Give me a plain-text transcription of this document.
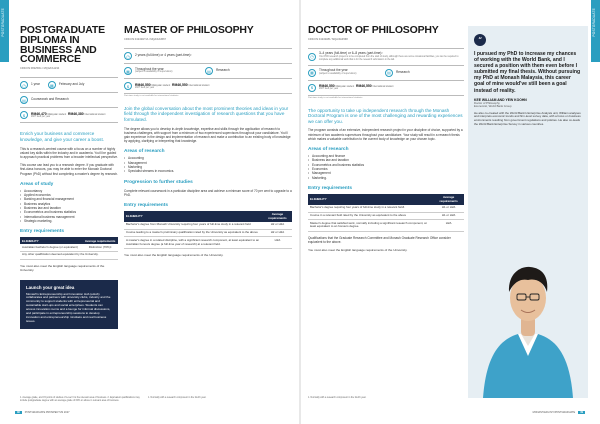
POSTGRADUATE	POSTGRADUATE
POSTGRADUATE DIPLOMA IN BUSINESS AND COMMERCE
CRICOS 082250G / MQA/FA1234
◷	1 year	▦	February and July
▤	Coursework and Research
$	RM46,470 Malaysian student RM46,380 International student
2027 fees per year
Enrich your business and commerce knowledge, and give your career a boost.
This is a research-centred course with a focus on a number of highly valued key skills within the industry and in academia. You'll be guided to approach practical problems from a broader intellectual perspective.
This course can lead you to a research degree. If you graduate with first-class honours, you may be able to enter the Monash Doctoral Program (PhD) without first completing a master's degree by research.
Areas of study
• Accountancy
• Applied economics
• Banking and financial management
• Business analytics
• Business law and taxation
• Econometrics and business statistics
• International business management
• Strategic marketing.
Entry requirements
ELIGIBILITY	Average requirements
Australian bachelor's degree (or equivalent)	Distinction (70%)¹
Any other qualification deemed equivalent by the University.	
You must also meet the English language requirements of the University.
Launch your great idea
Monash's Entrepreneurship and Innovation Hub (eHub) collaborates and partners with university clubs, industry and the community to support students with entrepreneurial and sustainable start-ups and social enterprises. Students can access innovation rooms and a lounge for informal discussions, and participate in entrepreneurship sessions to develop innovation and entrepreneurship mindsets and real business issues.
MASTER OF PHILOSOPHY
CRICOS 042430/Y/A / MQA/FA4567
◷	2 years (full-time) or 4 years (part-time)²
▦	Throughout the year
(subject to availability of supervision)	▤	Research
$	RM46,550 Malaysian student RM46,550 International student
2027 fees per year
Part-time study is not available for international students.
Join the global conversation about the most prominent theories and ideas in your field through the independent investigation of research questions that you have formulated.
The degree allows you to develop in-depth knowledge, expertise and skills through the application of research to business challenges, with support from a minimum of two experienced supervisors throughout your candidature. You'll gain experience in the design and implementation of research and make a contribution to an existing body of knowledge by applying, clarifying or interpreting that knowledge.
Areas of research
• Accounting
• Management
• Marketing
• Specialist streams in economics.
Progression to further studies
Complete relevant coursework in a particular discipline area and achieve a minimum score of 70 per cent to upgrade to a PhD.
Entry requirements
ELIGIBILITY	Average requirements
Bachelor's degree from Monash University requiring four years of full-time study in a relevant field	H2 or H2A
Course leading to a master's preliminary qualification rated by the University as equivalent to the above	H2 or H2A
A master's degree in a related discipline, with a significant research component, at least equivalent to an Australian honours degree (a full-time year of research) at a relevant field.	H2A
You must also meet the English language requirements of the University.
DOCTOR OF PHILOSOPHY
CRICOS 042433/B / MQA/FA4568
◷
3–4 years (full-time) or 6–8 years (part-time)²
Your PhD research project is to be completed from the start of study, although there are some occasional facilities, you can be required to complete any additional work that is for the research submission in the lab.
▦	Throughout the year
(subject to availability of supervision)	▤	Research
$	RM46,550 Malaysian student RM46,550 International student
2027 fees per year
Part-time study is not available for international students.
The opportunity to take up independent research through the Monash Doctoral Program is one of the most challenging and rewarding experiences we can offer you.
The program consists of an extensive, independent research project in your discipline of choice, supported by a minimum of two academic supervisors throughout your candidature. Your study will result in a research thesis which makes a valuable contribution to the current body of knowledge on your chosen topic.
Areas of research
• Accounting and finance
• Business law and taxation
• Econometrics and business statistics
• Economics
• Management
• Marketing.
Entry requirements
ELIGIBILITY	Average requirements
Bachelor's degree requiring four years of full-time study in a relevant field¹	H1 or H2A
Course in a relevant field rated by the University as equivalent to the above	H1 or H2A
Master's degree that satisfied work, normally including a significant research component, at least equivalent to an honours degree.	H2A
Qualifications that the Graduate Research Committee and Monash Graduate Research Office consider equivalent to the above.
You must also meet the English language requirements of the University.
“
I pursued my PhD to increase my chances of working with the World Bank, and I secured a position with them even before I submitted my final thesis. Without pursuing my PhD at Monash Malaysia, this career goal of mine would've still been a goal instead of reality.
KEE WILLIAM AND YEW KOOHN
Doctor of Philosophy
Economist, World Bank Group
He also co-created with the World Bank's Enterprise Analysis unit, William analyses and interprets economic trends and firm-level survey data, with a focus on business environments resulting from government regulations and policies. He also co-leads the World Bank Enterprise Survey in various countries.
1. Average grade, and 15 points of studies of Level 3 to the relevant area of business. 2. Equivalent qualifications may include postgraduate degree with an average grade of 60% or above in relevant area of business.
1. Normally with a research component in the fourth year.	1. Normally with a research component in the fourth year.
38	POSTGRADUATE PROSPECTUS 2027	MONASH.EDU.MY/POSTGRADUATE	39
